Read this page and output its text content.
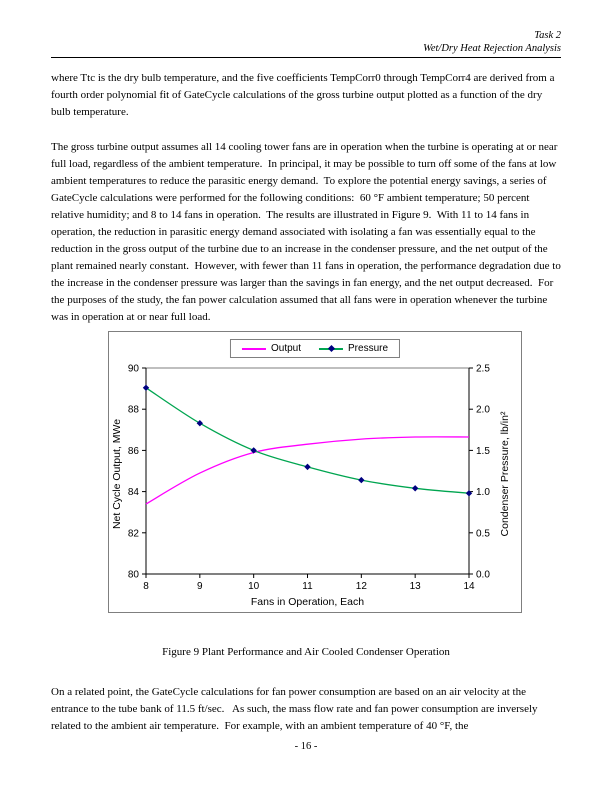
Task 2
Wet/Dry Heat Rejection Analysis

where Ttc is the dry bulb temperature, and the five coefficients TempCorr0 through TempCorr4 are derived from a fourth order polynomial fit of GateCycle calculations of the gross turbine output plotted as a function of the dry bulb temperature.

The gross turbine output assumes all 14 cooling tower fans are in operation when the turbine is operating at or near full load, regardless of the ambient temperature.  In principal, it may be possible to turn off some of the fans at low ambient temperatures to reduce the parasitic energy demand.  To explore the potential energy savings, a series of GateCycle calculations were performed for the following conditions:  60 °F ambient temperature; 50 percent relative humidity; and 8 to 14 fans in operation.  The results are illustrated in Figure 9.  With 11 to 14 fans in operation, the reduction in parasitic energy demand associated with isolating a fan was essentially equal to the reduction in the gross output of the turbine due to an increase in the condenser pressure, and the net output of the plant remained nearly constant.  However, with fewer than 11 fans in operation, the performance degradation due to the increase in the condenser pressure was larger than the savings in fan energy, and the net output decreased.  For the purposes of the study, the fan power calculation assumed that all fans were in operation whenever the turbine was in operation at or near full load.

80
82
84
86
88
90
0.0
0.5
1.0
1.5
2.0
2.5
8	9	10	11	12	13	14
Fans in Operation, Each
Net Cycle Output, MWe	Condenser Pressure, lb/in²
Output	Pressure
Figure 9 Plant Performance and Air Cooled Condenser Operation

On a related point, the GateCycle calculations for fan power consumption are based on an air velocity at the entrance to the tube bank of 11.5 ft/sec.   As such, the mass flow rate and fan power consumption are inversely related to the ambient air temperature.  For example, with an ambient temperature of 40 °F, the

- 16 -
